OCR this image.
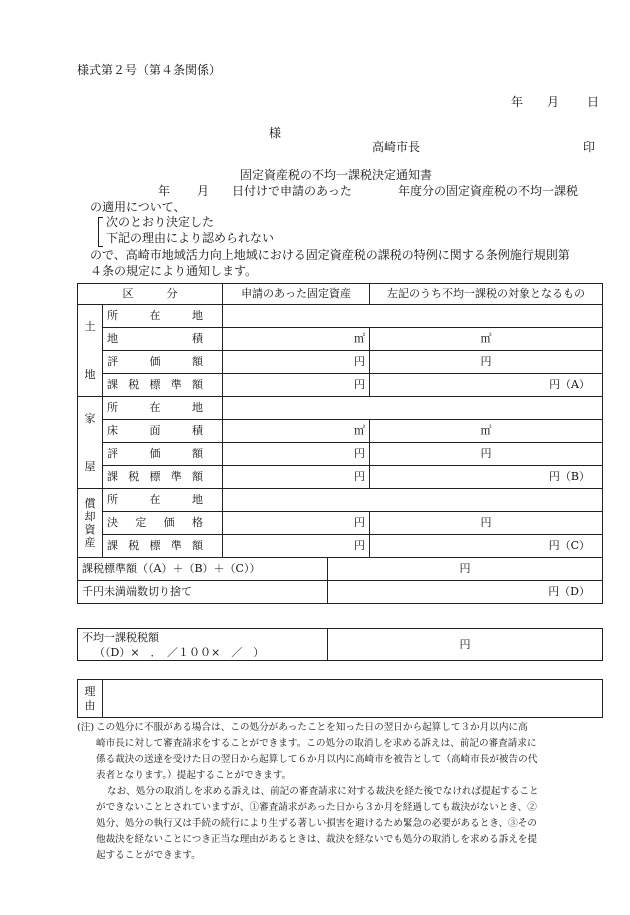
様式第２号（第４条関係）
年 月 日
様
高崎市長	印
固定資産税の不均一課税決定通知書
年 月 日付けで申請のあった	年度分の固定資産税の不均一課税
の適用について、
次のとおり決定した
下記の理由により認められない
ので、高崎市地域活力向上地域における固定資産税の課税の特例に関する条例施行規則第
４条の規定により通知します。
区　　　分		申請のあった固定資産		左記のうち不均一課税の対象となるもの

土
地	所 在 地			

	地 積	㎡		㎡

	評 価 額	円		円

	課 税 標 準 額	円		円（A）

家
屋	所 在 地			

	床 面 積	㎡		㎡

	評 価 額	円		円

	課 税 標 準 額	円		円（B）

償却資産	所 在 地			

	決 定 価 格	円		円

	課 税 標 準 額	円		円（C）
課税標準額（（A）＋（B）＋（C））			円	
千円未満端数切り捨て			円（D）	
不均一課税税額
（（D）×　．　／１００×　／　）
	円
理由

(注) この処分に不服がある場合は、この処分があったことを知った日の翌日から起算して３か月以内に高
崎市長に対して審査請求をすることができます。この処分の取消しを求める訴えは、前記の審査請求に
係る裁決の送達を受けた日の翌日から起算して６か月以内に高崎市を被告として（高崎市長が被告の代
表者となります。）提起することができます。
なお、処分の取消しを求める訴えは、前記の審査請求に対する裁決を経た後でなければ提起すること
ができないこととされていますが、①審査請求があった日から３か月を経過しても裁決がないとき、②
処分、処分の執行又は手続の続行により生ずる著しい損害を避けるため緊急の必要があるとき、③その
他裁決を経ないことにつき正当な理由があるときは、裁決を経ないでも処分の取消しを求める訴えを提
起することができます。
